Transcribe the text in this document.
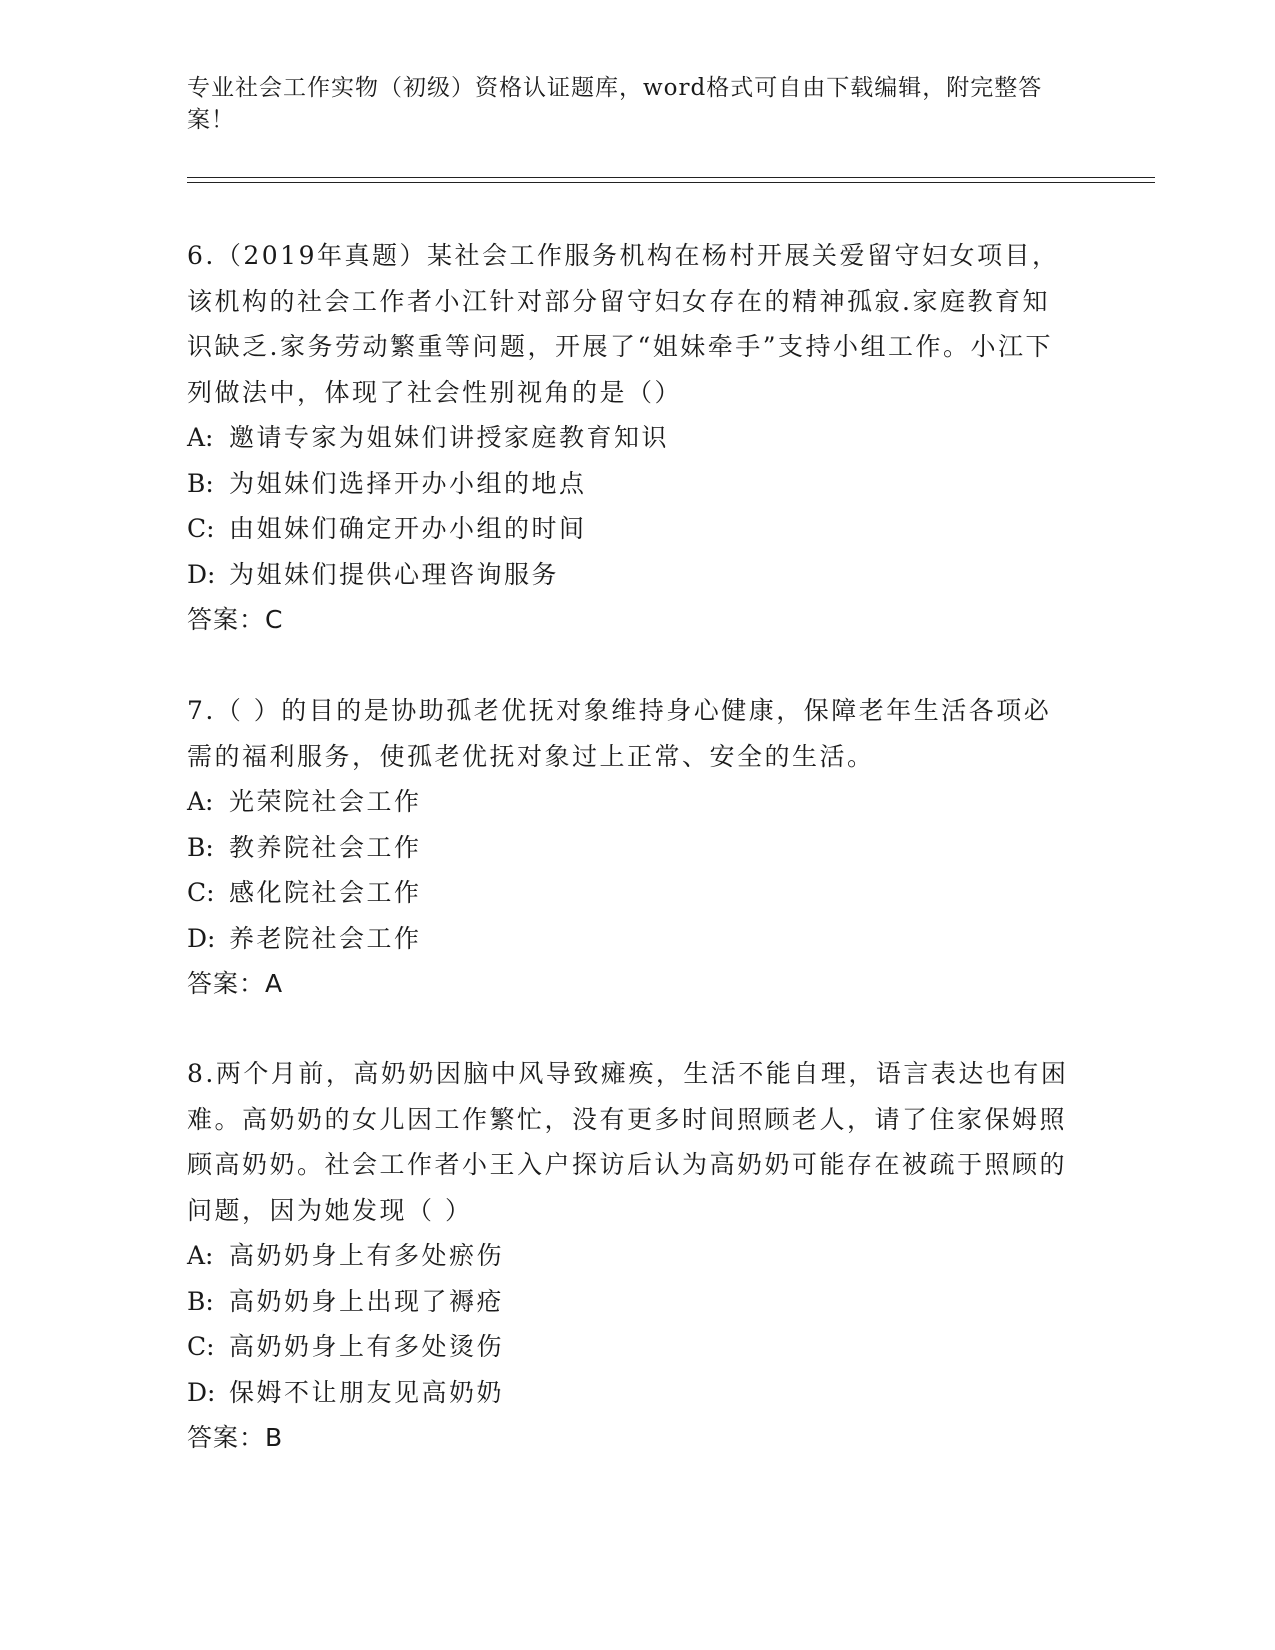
专业社会工作实物（初级）资格认证题库，word格式可自由下载编辑，附完整答案！

6.（2019年真题）某社会工作服务机构在杨村开展关爱留守妇女项目，该机构的社会工作者小江针对部分留守妇女存在的精神孤寂.家庭教育知识缺乏.家务劳动繁重等问题，开展了“姐妹牵手”支持小组工作。小江下列做法中，体现了社会性别视角的是（）

A: 邀请专家为姐妹们讲授家庭教育知识

B: 为姐妹们选择开办小组的地点

C: 由姐妹们确定开办小组的时间

D: 为姐妹们提供心理咨询服务

答案：C

7.（ ）的目的是协助孤老优抚对象维持身心健康，保障老年生活各项必需的福利服务，使孤老优抚对象过上正常、安全的生活。

A: 光荣院社会工作

B: 教养院社会工作

C: 感化院社会工作

D: 养老院社会工作

答案：A

8.两个月前，高奶奶因脑中风导致瘫痪，生活不能自理，语言表达也有困难。高奶奶的女儿因工作繁忙，没有更多时间照顾老人，请了住家保姆照顾高奶奶。社会工作者小王入户探访后认为高奶奶可能存在被疏于照顾的问题，因为她发现（ ）

A: 高奶奶身上有多处瘀伤

B: 高奶奶身上出现了褥疮

C: 高奶奶身上有多处烫伤

D: 保姆不让朋友见高奶奶

答案：B
